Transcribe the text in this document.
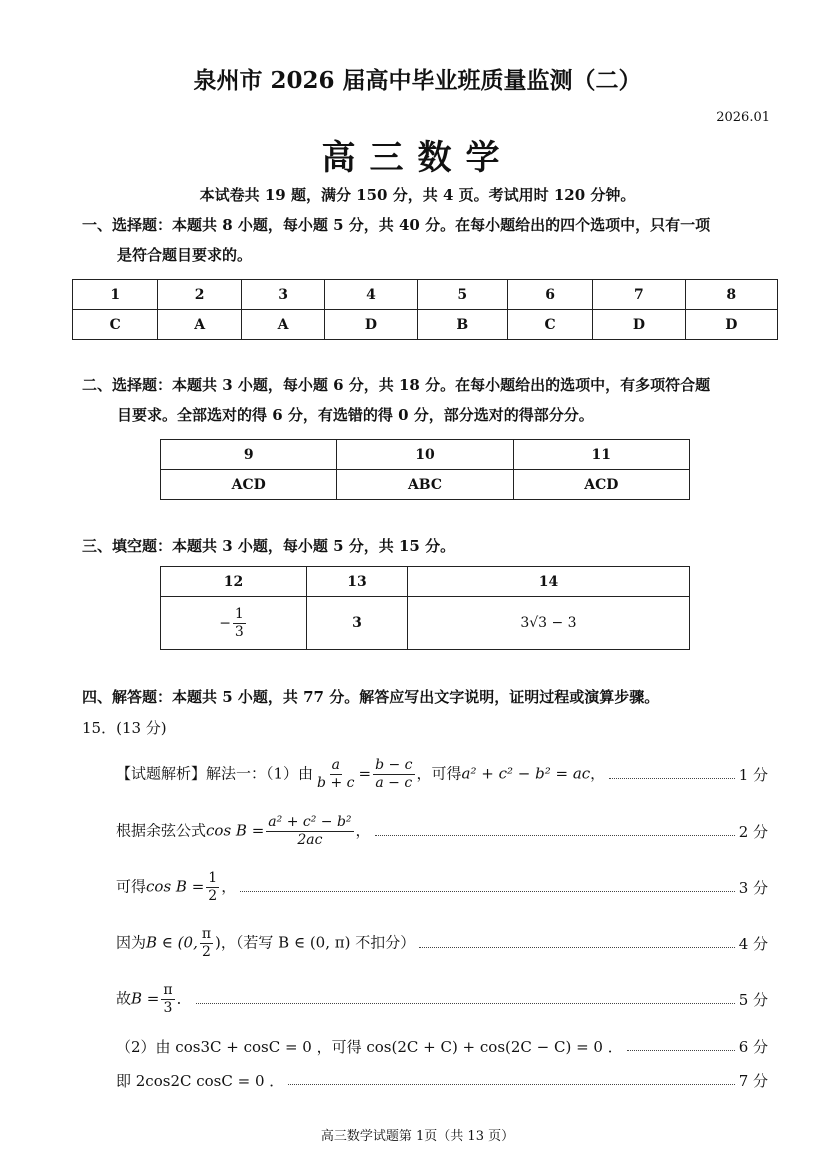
泉州市 2026 届高中毕业班质量监测（二）
2026.01
高三数学
本试卷共 19 题，满分 150 分，共 4 页。考试用时 120 分钟。
一、选择题：本题共 8 小题，每小题 5 分，共 40 分。在每小题给出的四个选项中，只有一项
是符合题目要求的。
1	2	3	4	5	6	7	8
C	A	A	D	B	C	D	D
二、选择题：本题共 3 小题，每小题 6 分，共 18 分。在每小题给出的选项中，有多项符合题
目要求。全部选对的得 6 分，有选错的得 0 分，部分选对的得部分分。
9	10	11
ACD	ABC	ACD
三、填空题：本题共 3 小题，每小题 5 分，共 15 分。
12	13	14
− $\frac{1}{3}$	3	3√3 − 3
四、解答题：本题共 5 小题，共 77 分。解答应写出文字说明，证明过程或演算步骤。
15．(13 分)
【试题解析】解法一：（1）由 $\frac{a}{b + c} = \frac{b - c}{a - c}$ ，可得a² + c² − b² = ac，	1 分
根据余弦公式$\cos B = \frac{\text{a² + c² − b²}}{2ac}$ ，	2 分
可得$\cos B = \frac{1}{2}$ ，	3 分
因为B ∈ (0, $\frac{\pi}{2}$ )，（若写 B ∈ (0, π) 不扣分）	4 分
故$B = \frac{\pi}{3}$ ．	5 分
（2）由 cos3C + cosC = 0 ，可得 cos(2C + C) + cos(2C − C) = 0 ．	6 分
即 2cos2C cosC = 0 ．	7 分
高三数学试题第 1页（共 13 页）
